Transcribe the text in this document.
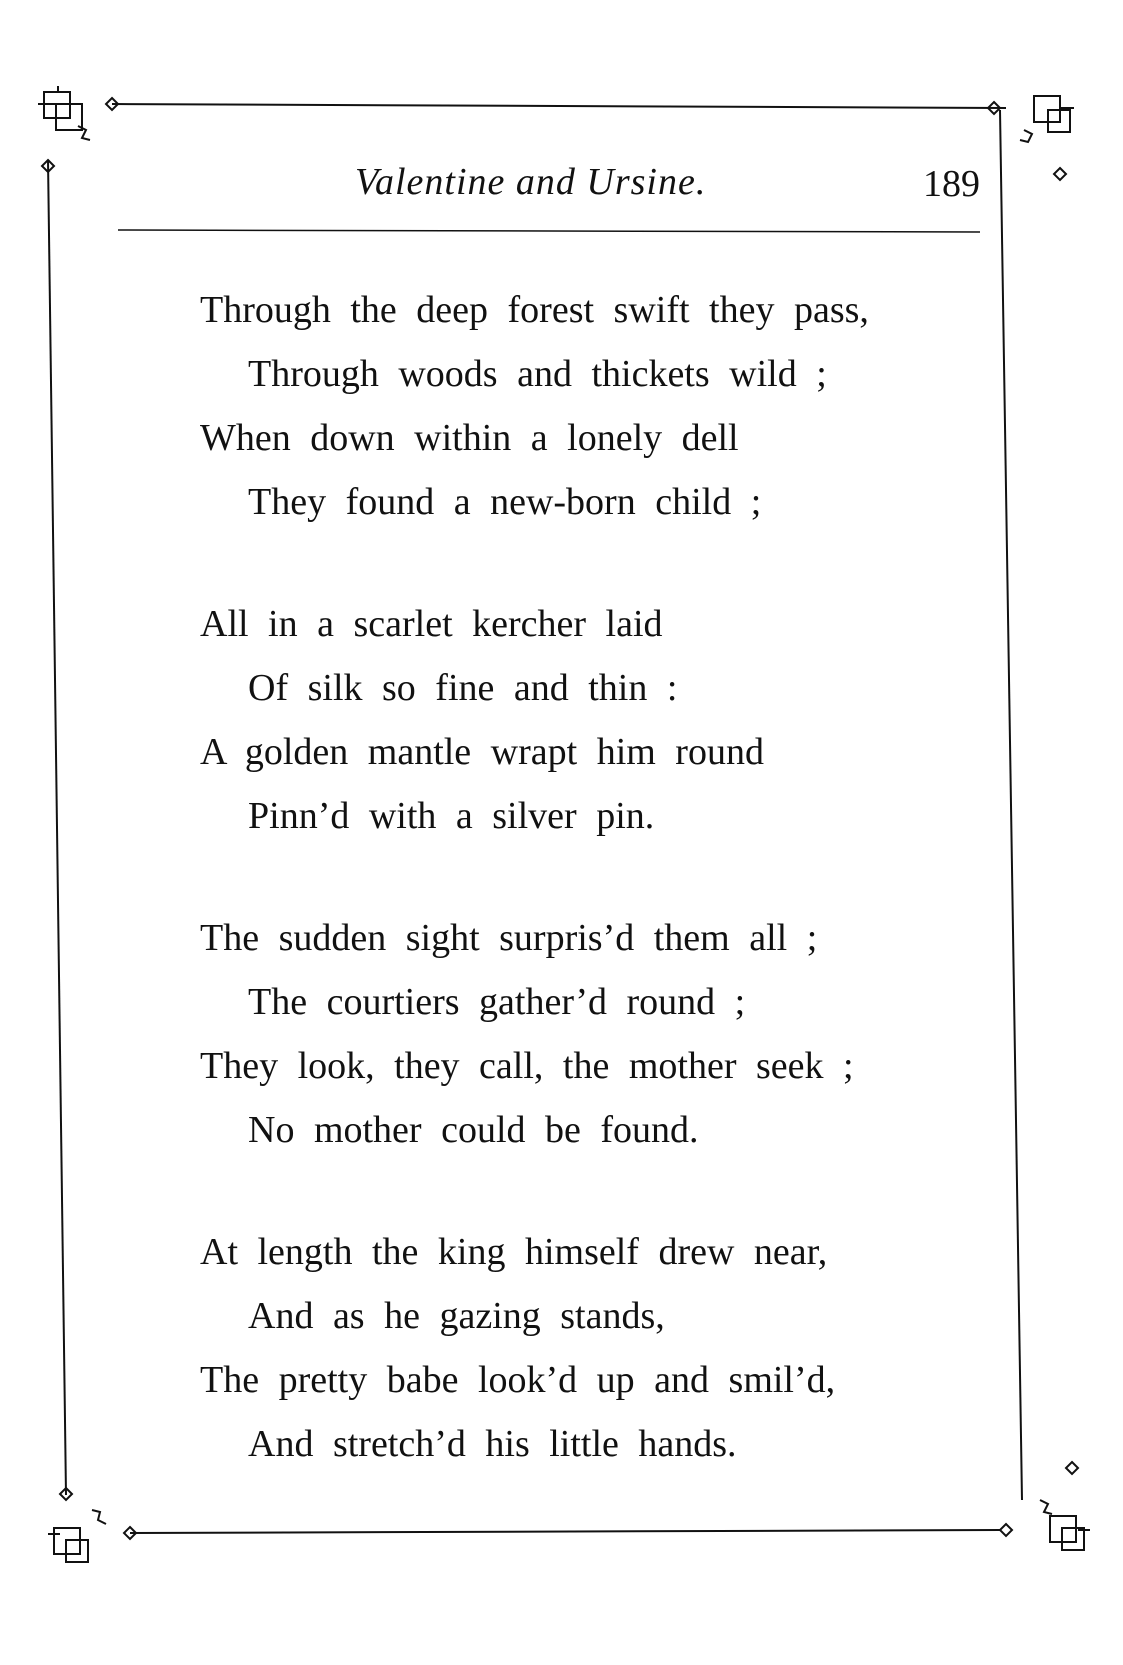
Valentine and Ursine.	189
Through the deep forest swift they pass,
Through woods and thickets wild ;
When down within a lonely dell
They found a new-born child ;
All in a scarlet kercher laid
Of silk so fine and thin :
A golden mantle wrapt him round
Pinn’d with a silver pin.
The sudden sight surpris’d them all ;
The courtiers gather’d round ;
They look, they call, the mother seek ;
No mother could be found.
At length the king himself drew near,
And as he gazing stands,
The pretty babe look’d up and smil’d,
And stretch’d his little hands.
